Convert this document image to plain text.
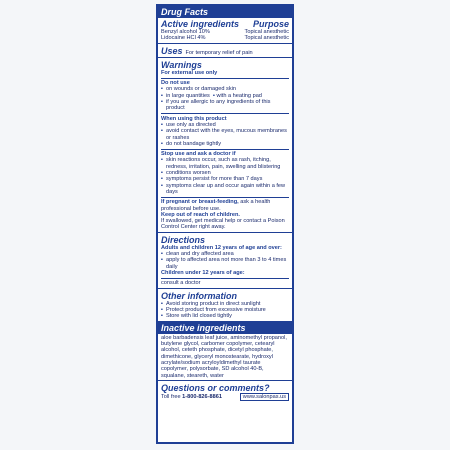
Drug Facts
Active ingredients Purpose
Benzyl alcohol 10%	Topical anesthetic
Lidocaine HCl 4%	Topical anesthetic
Uses For temporary relief of pain
Warnings
For external use only
Do not use
▪ on wounds or damaged skin
▪ in large quantities ▪ with a heating pad
▪ if you are allergic to any ingredients of this product
When using this product
▪ use only as directed
▪ avoid contact with the eyes, mucous membranes or rashes
▪ do not bandage tightly
Stop use and ask a doctor if
▪ skin reactions occur, such as rash, itching, redness, irritation, pain, swelling and blistering
▪ conditions worsen
▪ symptoms persist for more than 7 days
▪ symptoms clear up and occur again within a few days
If pregnant or breast-feeding, ask a health professional before use.
Keep out of reach of children.
If swallowed, get medical help or contact a Poison Control Center right away.
Directions
Adults and children 12 years of age and over:
▪ clean and dry affected area
▪ apply to affected area not more than 3 to 4 times daily
Children under 12 years of age:
consult a doctor
Other information
▪ Avoid storing product in direct sunlight
▪ Protect product from excessive moisture
▪ Store with lid closed tightly
Inactive ingredients
aloe barbadensis leaf juice, aminomethyl propanol, butylene glycol, carbomer copolymer, cetearyl alcohol, ceteth phosphate, dicetyl phosphate, dimethicone, glyceryl monostearate, hydroxyl acrylate/sodium acryloyldimethyl taurate copolymer, polysorbate, SD alcohol 40-B, squalane, steareth, water
Questions or comments?
Toll free 1-800-826-8861	www.salonpas.us
